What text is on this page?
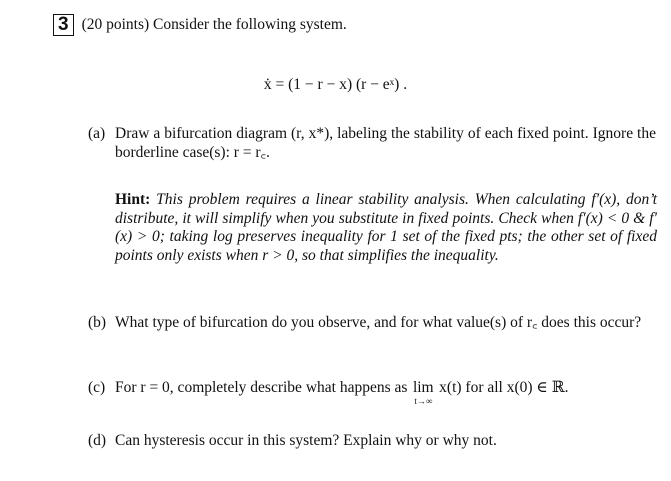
3 (20 points) Consider the following system.
ẋ = (1 − r − x) (r − eˣ) .
(a) Draw a bifurcation diagram (r, x*), labeling the stability of each fixed point. Ignore the borderline case(s): r = r꜀.
Hint: This problem requires a linear stability analysis. When calculating f′(x), don’t distribute, it will simplify when you substitute in fixed points. Check when f′(x) < 0 & f′(x) > 0; taking log preserves inequality for 1 set of the fixed pts; the other set of fixed points only exists when r > 0, so that simplifies the inequality.
(b) What type of bifurcation do you observe, and for what value(s) of r꜀ does this occur?
(c) For r = 0, completely describe what happens as lim
t→∞
x(t) for all x(0) ∈ ℝ.
(d) Can hysteresis occur in this system? Explain why or why not.
